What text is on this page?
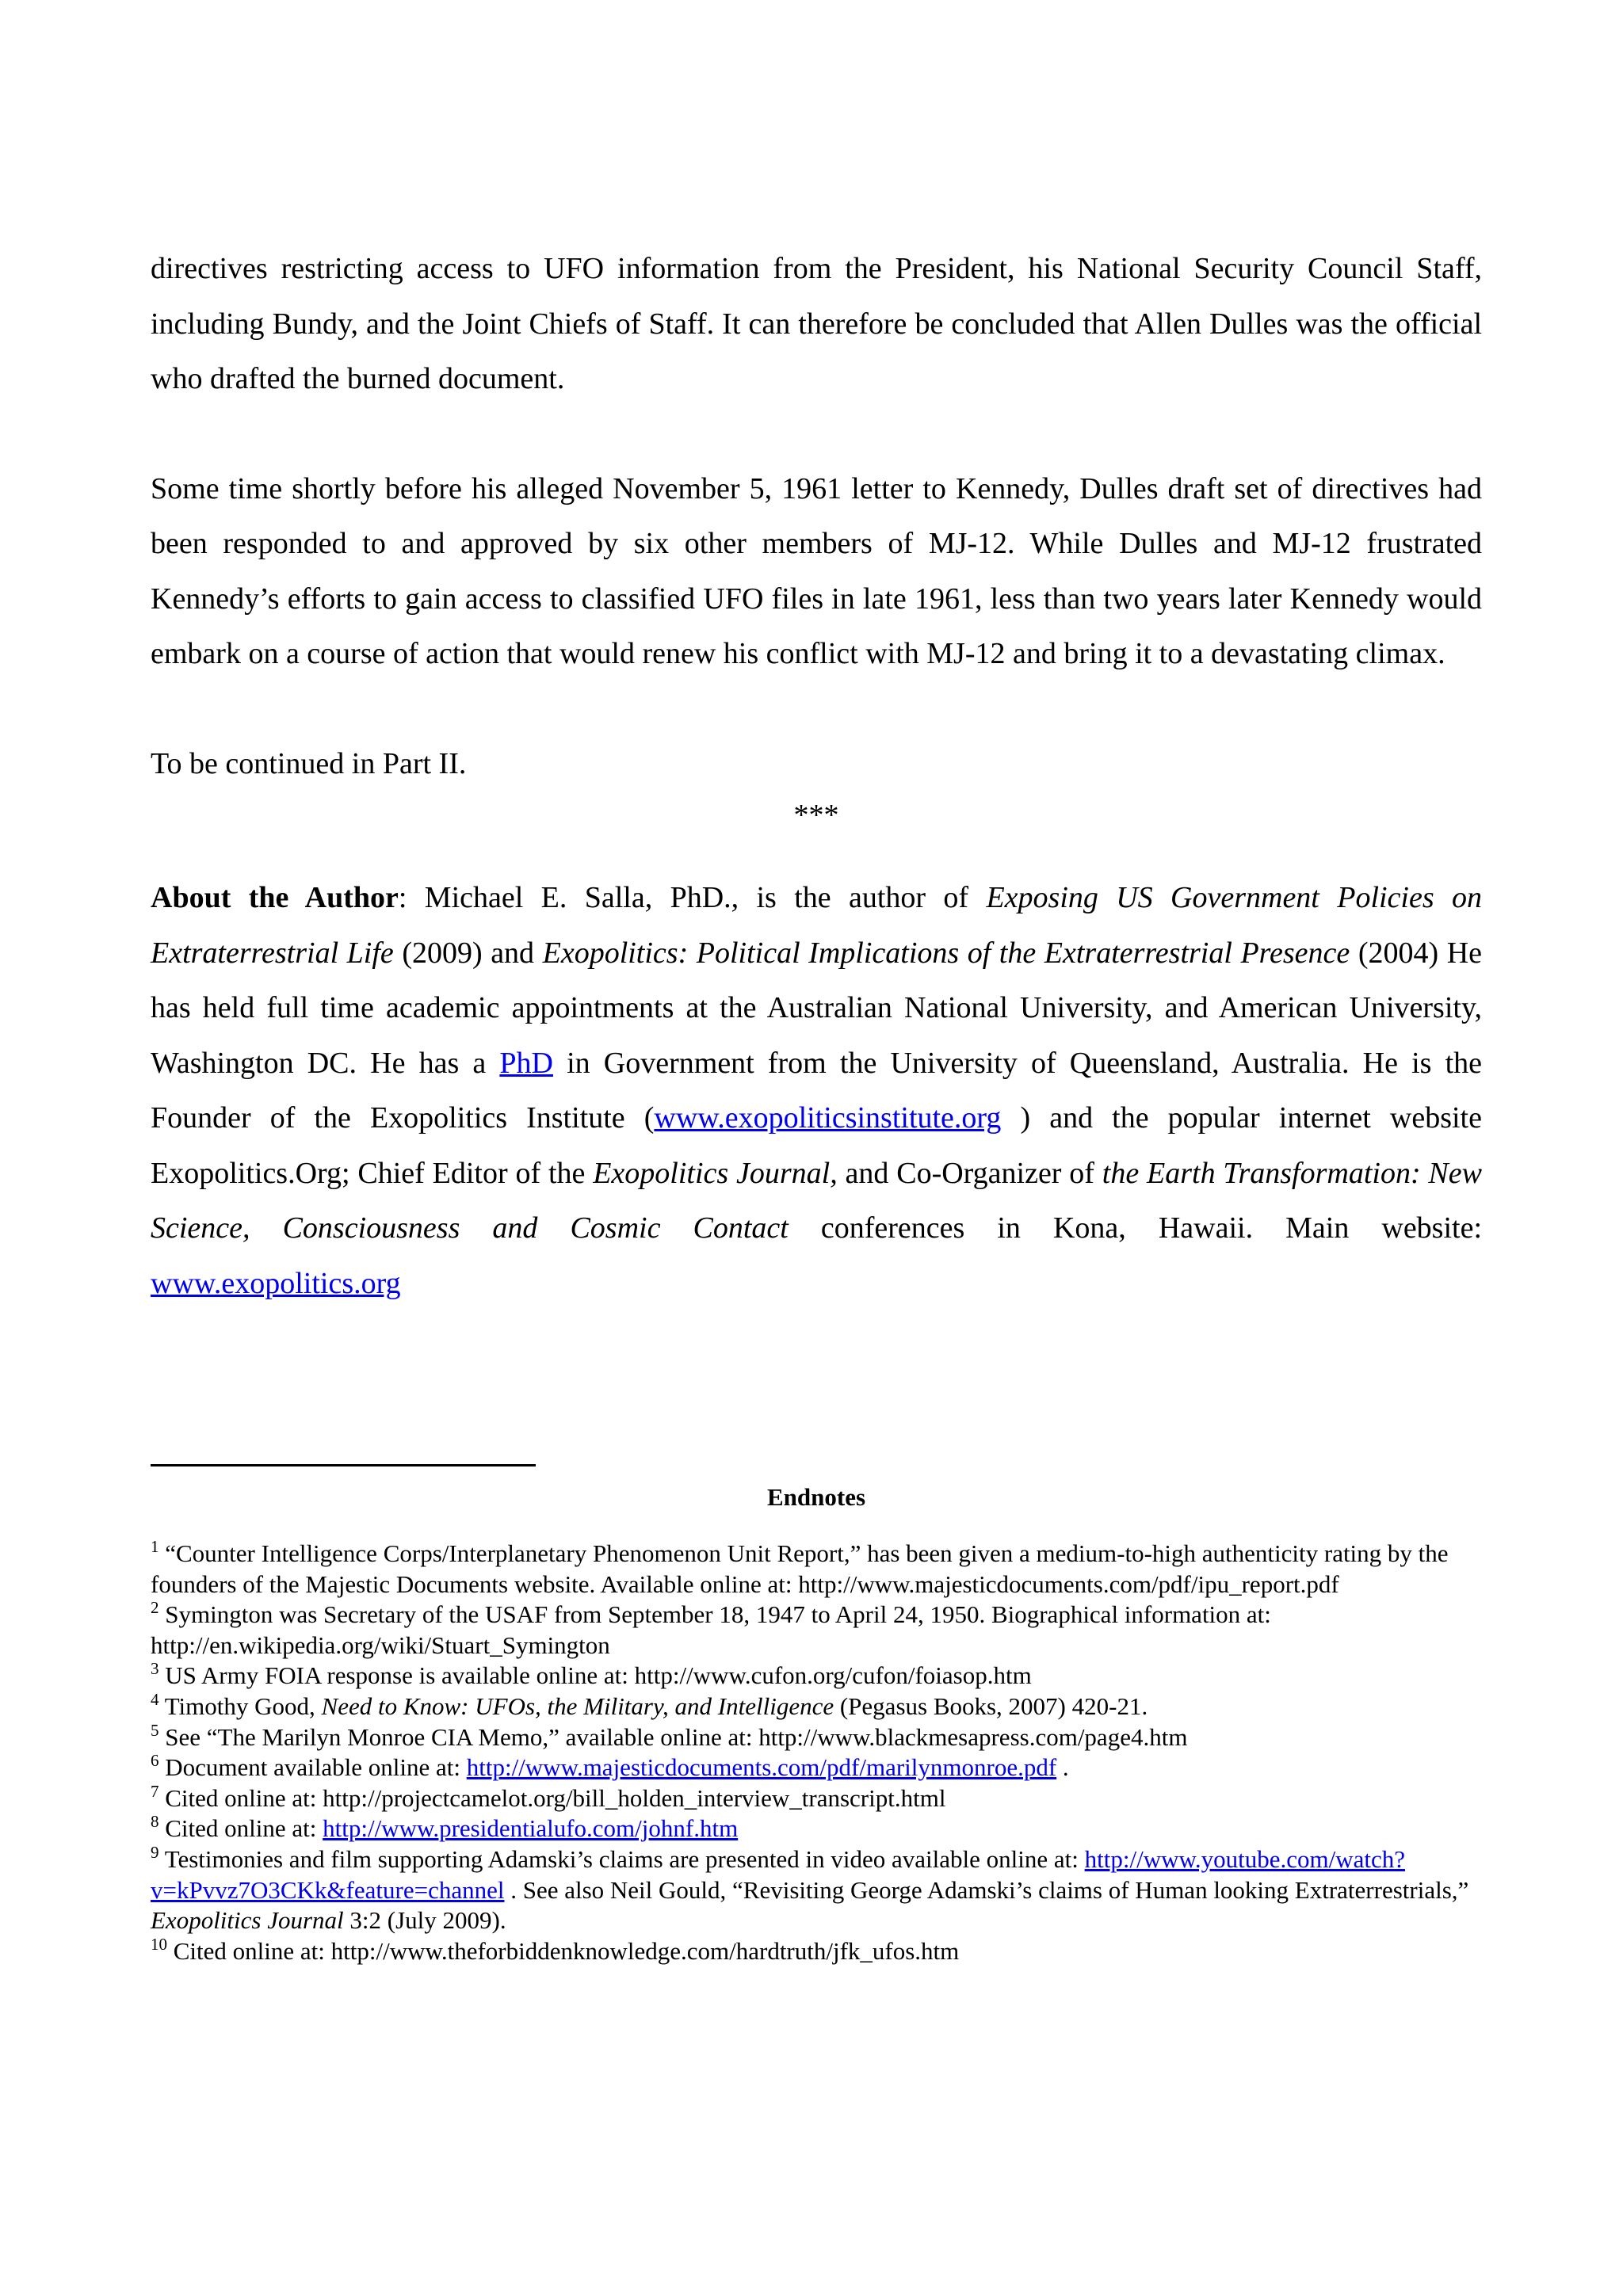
directives restricting access to UFO information from the President, his National Security Council Staff, including Bundy, and the Joint Chiefs of Staff. It can therefore be concluded that Allen Dulles was the official who drafted the burned document.

Some time shortly before his alleged November 5, 1961 letter to Kennedy, Dulles draft set of directives had been responded to and approved by six other members of MJ-12. While Dulles and MJ-12 frustrated Kennedy’s efforts to gain access to classified UFO files in late 1961, less than two years later Kennedy would embark on a course of action that would renew his conflict with MJ-12 and bring it to a devastating climax.

To be continued in Part II.

***

About the Author: Michael E. Salla, PhD., is the author of Exposing US Government Policies on Extraterrestrial Life (2009) and Exopolitics: Political Implications of the Extraterrestrial Presence (2004) He has held full time academic appointments at the Australian National University, and American University, Washington DC. He has a PhD in Government from the University of Queensland, Australia. He is the Founder of the Exopolitics Institute (www.exopoliticsinstitute.org ) and the popular internet website Exopolitics.Org; Chief Editor of the Exopolitics Journal, and Co-Organizer of the Earth Transformation: New Science, Consciousness and Cosmic Contact conferences in Kona, Hawaii. Main website: www.exopolitics.org

Endnotes

$^1$ “Counter Intelligence Corps/Interplanetary Phenomenon Unit Report,” has been given a medium-to-high authenticity rating by the founders of the Majestic Documents website. Available online at: http://www.majesticdocuments.com/pdf/ipu_report.pdf

$^2$ Symington was Secretary of the USAF from September 18, 1947 to April 24, 1950. Biographical information at: http://en.wikipedia.org/wiki/Stuart_Symington

$^3$ US Army FOIA response is available online at: http://www.cufon.org/cufon/foiasop.htm

$^4$ Timothy Good, Need to Know: UFOs, the Military, and Intelligence (Pegasus Books, 2007) 420-21.

$^5$ See “The Marilyn Monroe CIA Memo,” available online at: http://www.blackmesapress.com/page4.htm

$^6$ Document available online at: http://www.majesticdocuments.com/pdf/marilynmonroe.pdf .

$^7$ Cited online at: http://projectcamelot.org/bill_holden_interview_transcript.html

$^8$ Cited online at: http://www.presidentialufo.com/johnf.htm

$^9$ Testimonies and film supporting Adamski’s claims are presented in video available online at: http://www.youtube.com/watch?v=kPvvz7O3CKk&feature=channel . See also Neil Gould, “Revisiting George Adamski’s claims of Human looking Extraterrestrials,” Exopolitics Journal 3:2 (July 2009).

$^{10}$ Cited online at: http://www.theforbiddenknowledge.com/hardtruth/jfk_ufos.htm
